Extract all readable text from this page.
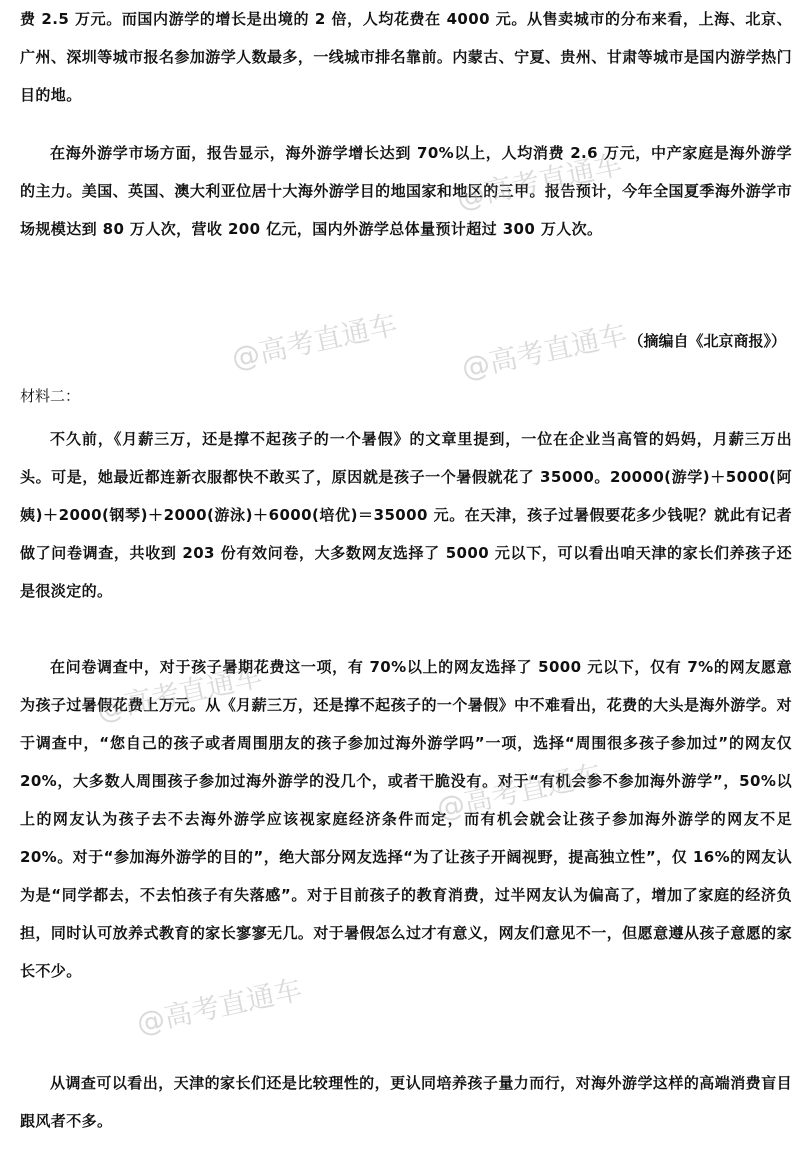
费 2.5 万元。而国内游学的增长是出境的 2 倍，人均花费在 4000 元。从售卖城市的分布来看，上海、北京、广州、深圳等城市报名参加游学人数最多，一线城市排名靠前。内蒙古、宁夏、贵州、甘肃等城市是国内游学热门目的地。

在海外游学市场方面，报告显示，海外游学增长达到 70%以上，人均消费 2.6 万元，中产家庭是海外游学的主力。美国、英国、澳大利亚位居十大海外游学目的地国家和地区的三甲。报告预计，今年全国夏季海外游学市场规模达到 80 万人次，营收 200 亿元，国内外游学总体量预计超过 300 万人次。

（摘编自《北京商报》）

材料二：

不久前，《月薪三万，还是撑不起孩子的一个暑假》的文章里提到，一位在企业当高管的妈妈，月薪三万出头。可是，她最近都连新衣服都快不敢买了，原因就是孩子一个暑假就花了 35000。20000(游学)＋5000(阿姨)＋2000(钢琴)＋2000(游泳)＋6000(培优)＝35000 元。在天津，孩子过暑假要花多少钱呢？就此有记者做了问卷调查，共收到 203 份有效问卷，大多数网友选择了 5000 元以下，可以看出咱天津的家长们养孩子还是很淡定的。

在问卷调查中，对于孩子暑期花费这一项，有 70%以上的网友选择了 5000 元以下，仅有 7%的网友愿意为孩子过暑假花费上万元。从《月薪三万，还是撑不起孩子的一个暑假》中不难看出，花费的大头是海外游学。对于调查中，“您自己的孩子或者周围朋友的孩子参加过海外游学吗”一项，选择“周围很多孩子参加过”的网友仅 20%，大多数人周围孩子参加过海外游学的没几个，或者干脆没有。对于“有机会参不参加海外游学”，50%以上的网友认为孩子去不去海外游学应该视家庭经济条件而定，而有机会就会让孩子参加海外游学的网友不足 20%。对于“参加海外游学的目的”，绝大部分网友选择“为了让孩子开阔视野，提高独立性”，仅 16%的网友认为是“同学都去，不去怕孩子有失落感”。对于目前孩子的教育消费，过半网友认为偏高了，增加了家庭的经济负担，同时认可放养式教育的家长寥寥无几。对于暑假怎么过才有意义，网友们意见不一，但愿意遵从孩子意愿的家长不少。

从调查可以看出，天津的家长们还是比较理性的，更认同培养孩子量力而行，对海外游学这样的高端消费盲目跟风者不多。

@高考直通车
@高考直通车 @高考直通车
@高考直通车
@高考直通车
@高考直通车
